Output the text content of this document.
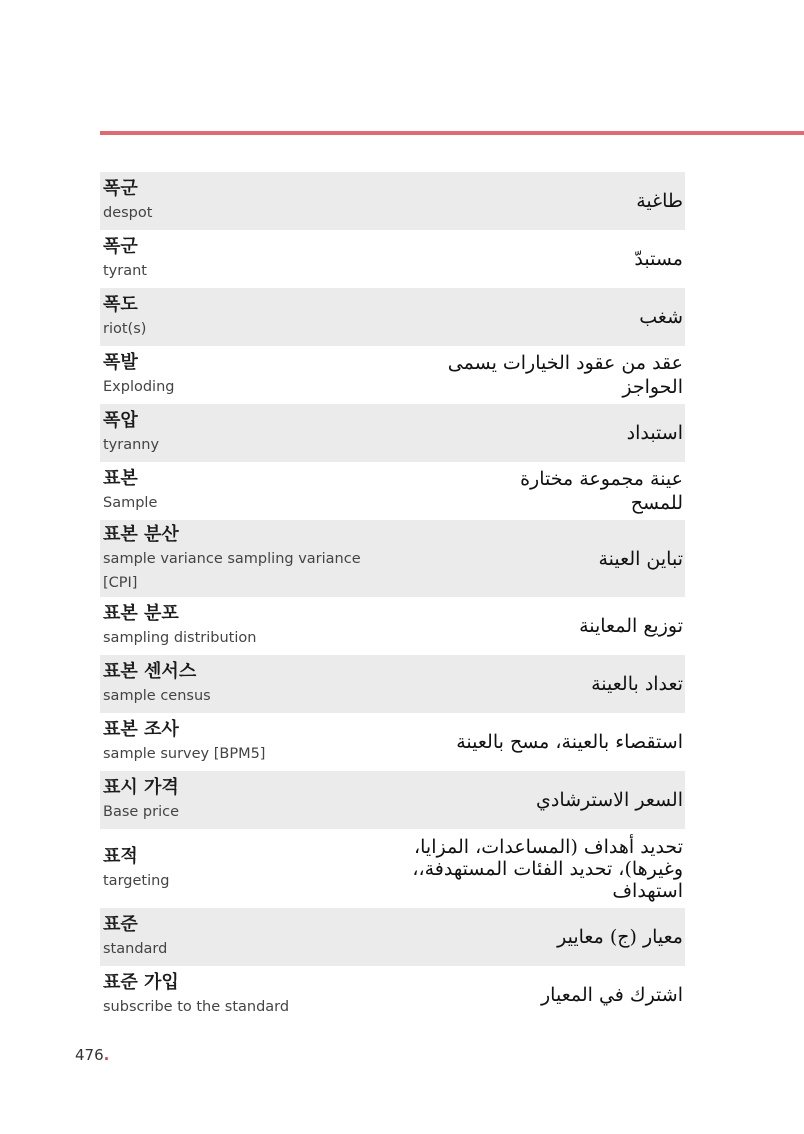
폭군
despot
طاغية
폭군
tyrant
مستبدّ
폭도
riot(s)
شغب
폭발
Exploding
عقد من عقود الخيارات يسمى الحواجز
폭압
tyranny
استبداد
표본
Sample
عينة مجموعة مختارة للمسح
표본 분산
sample variance sampling variance [CPI]
تباين العينة
표본 분포
sampling distribution
توزيع المعاينة
표본 센서스
sample census
تعداد بالعينة
표본 조사
sample survey [BPM5]
استقصاء بالعينة، مسح بالعينة
표시 가격
Base price
السعر الاسترشادي
표적
targeting
تحديد أهداف (المساعدات، المزايا، وغيرها)، تحديد الفئات المستهدفة،، استهداف
표준
standard
معيار (ج) معايير
표준 가입
subscribe to the standard
اشترك في المعيار
476.
